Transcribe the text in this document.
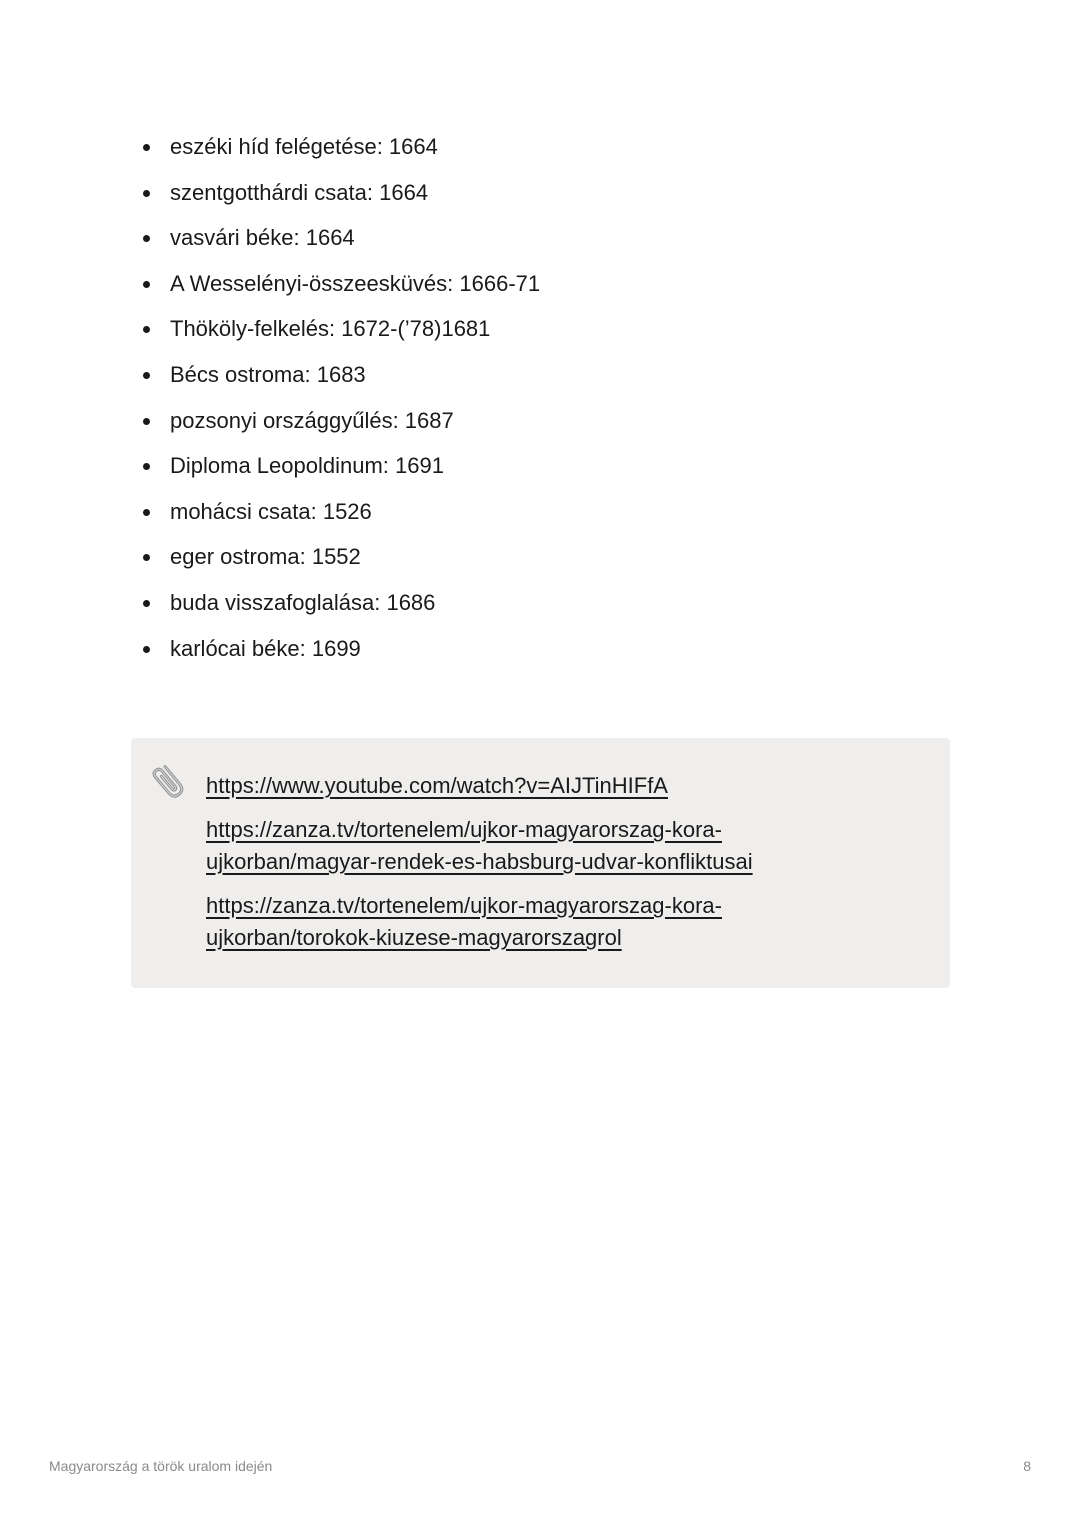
eszéki híd felégetése: 1664
szentgotthárdi csata: 1664
vasvári béke: 1664
A Wesselényi-összeesküvés: 1666-71
Thököly-felkelés: 1672-(’78)1681
Bécs ostroma: 1683
pozsonyi országgyűlés: 1687
Diploma Leopoldinum: 1691
mohácsi csata: 1526
eger ostroma: 1552
buda visszafoglalása: 1686
karlócai béke: 1699
https://www.youtube.com/watch?v=AIJTinHIFfA
https://zanza.tv/tortenelem/ujkor-magyarorszag-kora-
ujkorban/magyar-rendek-es-habsburg-udvar-konfliktusai
https://zanza.tv/tortenelem/ujkor-magyarorszag-kora-
ujkorban/torokok-kiuzese-magyarorszagrol
Magyarország a török uralom idején	8
